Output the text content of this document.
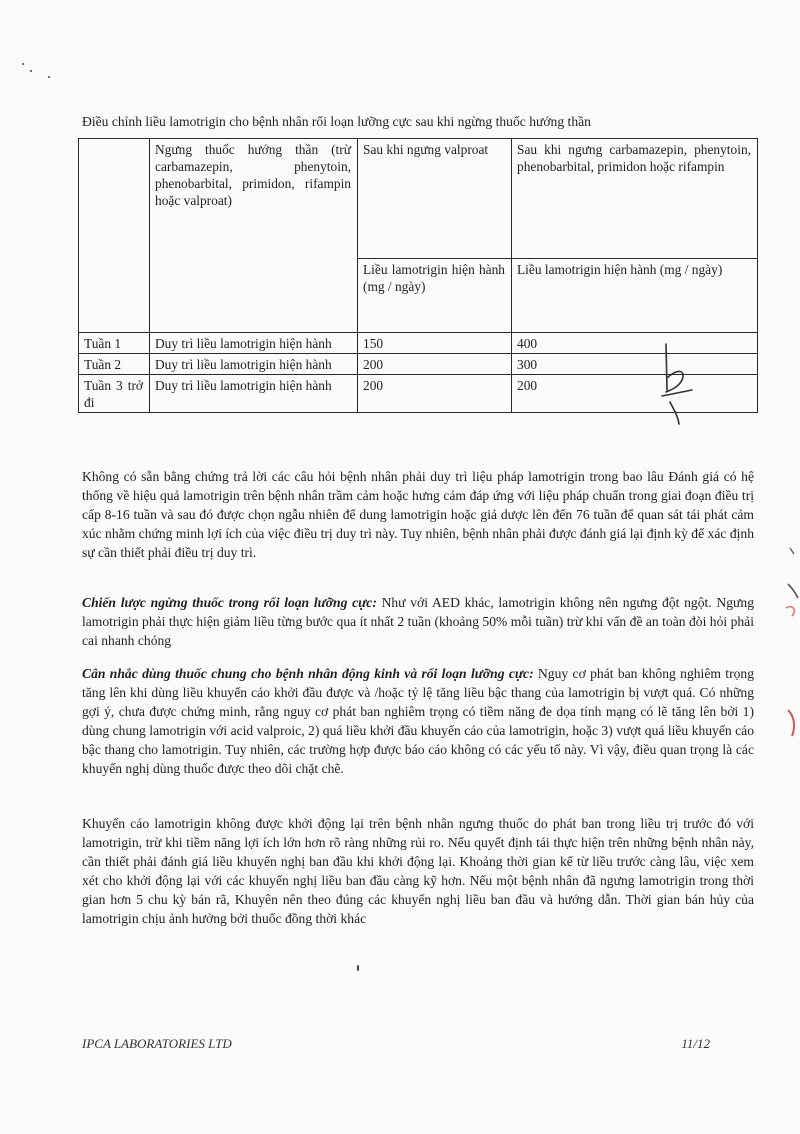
Điều chỉnh liều lamotrigin cho bệnh nhân rối loạn lưỡng cực sau khi ngừng thuốc hướng thần
	Ngưng thuốc hướng thần (trừ carbamazepin, phenytoin, phenobarbital, primidon, rifampin hoặc valproat)	Sau khi ngưng valproat	Sau khi ngưng carbamazepin, phenytoin, phenobarbital, primidon hoặc rifampin
		Liều lamotrigin hiện hành (mg / ngày)	Liều lamotrigin hiện hành (mg / ngày)
Tuần 1	Duy trì liều lamotrigin hiện hành	150	400
Tuần 2	Duy trì liều lamotrigin hiện hành	200	300
Tuần 3 trở đi	Duy trì liều lamotrigin hiện hành	200	200
Không có sẵn bằng chứng trả lời các câu hỏi bệnh nhân phải duy trì liệu pháp lamotrigin trong bao lâu Đánh giá có hệ thống về hiệu quả lamotrigin trên bệnh nhân trầm cảm hoặc hưng cảm đáp ứng với liệu pháp chuẩn trong giai đoạn điều trị cấp 8-16 tuần và sau đó được chọn ngẫu nhiên để dung lamotrigin hoặc giả dược lên đến 76 tuần để quan sát tái phát cảm xúc nhằm chứng minh lợi ích của việc điều trị duy trì này. Tuy nhiên, bệnh nhân phải được đánh giá lại định kỳ để xác định sự cần thiết phải điều trị duy trì.
Chiến lược ngừng thuốc trong rối loạn lưỡng cực: Như với AED khác, lamotrigin không nên ngưng đột ngột. Ngưng lamotrigin phải thực hiện giảm liều từng bước qua ít nhất 2 tuần (khoảng 50% mỗi tuần) trừ khi vấn đề an toàn đòi hỏi phải cai nhanh chóng
Cân nhắc dùng thuốc chung cho bệnh nhân động kinh và rối loạn lưỡng cực: Nguy cơ phát ban không nghiêm trọng tăng lên khi dùng liều khuyến cáo khởi đầu được và /hoặc tỷ lệ tăng liều bậc thang của lamotrigin bị vượt quá. Có những gợi ý, chưa được chứng minh, rằng nguy cơ phát ban nghiêm trọng có tiềm năng đe dọa tính mạng có lẽ tăng lên bởi 1) dùng chung lamotrigin với acid valproic, 2) quá liều khởi đầu khuyến cáo của lamotrigin, hoặc 3) vượt quá liều khuyến cáo bậc thang cho lamotrigin. Tuy nhiên, các trường hợp được báo cáo không có các yếu tố này. Vì vậy, điều quan trọng là các khuyến nghị dùng thuốc được theo dõi chặt chẽ.
Khuyến cáo lamotrigin không được khởi động lại trên bệnh nhân ngưng thuốc do phát ban trong liều trị trước đó với lamotrigin, trừ khi tiềm năng lợi ích lớn hơn rõ ràng những rủi ro. Nếu quyết định tái thực hiện trên những bệnh nhân này, cần thiết phải đánh giá liều khuyến nghị ban đầu khi khởi động lại. Khoảng thời gian kể từ liều trước càng lâu, việc xem xét cho khởi động lại với các khuyến nghị liều ban đầu càng kỹ hơn. Nếu một bệnh nhân đã ngưng lamotrigin trong thời gian hơn 5 chu kỳ bán rã, Khuyên nên theo đúng các khuyến nghị liều ban đầu và hướng dẫn. Thời gian bán hủy của lamotrigin chịu ảnh hưởng bởi thuốc đồng thời khác
IPCA LABORATORIES LTD	11/12
